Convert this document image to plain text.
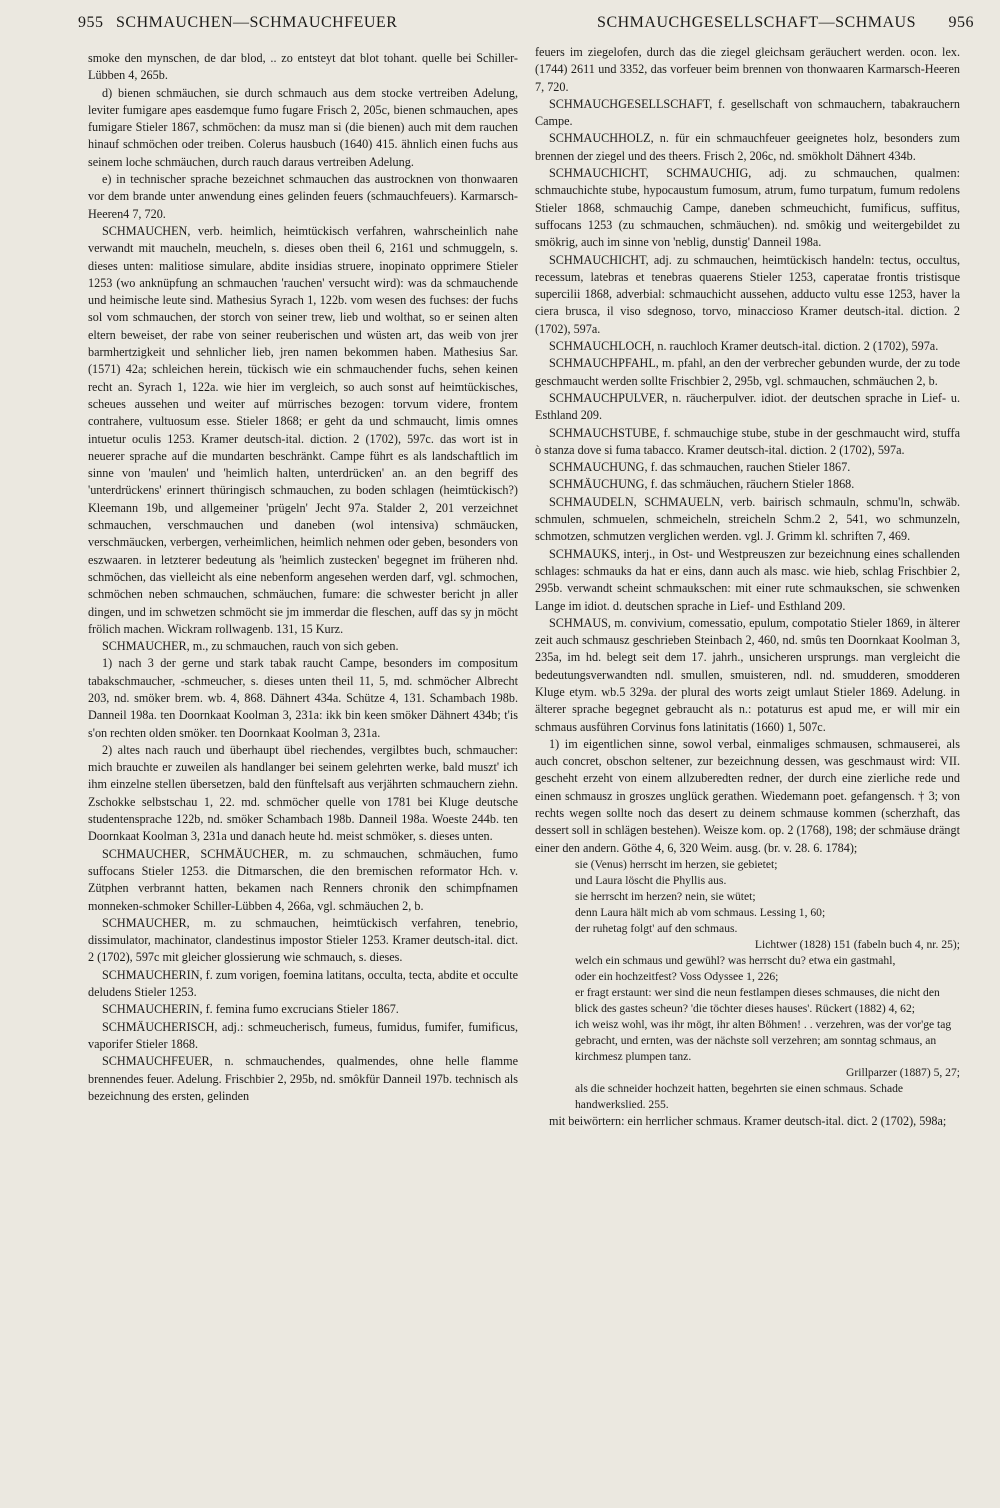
955 SCHMAUCHEN—SCHMAUCHFEUER	SCHMAUCHGESELLSCHAFT—SCHMAUS 956

smoke den mynschen, de dar blod, .. zo entsteyt dat blot tohant. quelle bei Schiller-Lübben 4, 265b.

d) bienen schmäuchen, sie durch schmauch aus dem stocke vertreiben Adelung, leviter fumigare apes easdemque fumo fugare Frisch 2, 205c, bienen schmauchen, apes fumigare Stieler 1867, schmöchen: da musz man si (die bienen) auch mit dem rauchen hinauf schmöchen oder treiben. Colerus hausbuch (1640) 415. ähnlich einen fuchs aus seinem loche schmäuchen, durch rauch daraus vertreiben Adelung.

e) in technischer sprache bezeichnet schmauchen das austrocknen von thonwaaren vor dem brande unter anwendung eines gelinden feuers (schmauchfeuers). Karmarsch-Heeren4 7, 720.

SCHMAUCHEN, verb. heimlich, heimtückisch verfahren, wahrscheinlich nahe verwandt mit maucheln, meucheln, s. dieses oben theil 6, 2161 und schmuggeln, s. dieses unten: malitiose simulare, abdite insidias struere, inopinato opprimere Stieler 1253 (wo anknüpfung an schmauchen 'rauchen' versucht wird): was da schmauchende und heimische leute sind. Mathesius Syrach 1, 122b. vom wesen des fuchses: der fuchs sol vom schmauchen, der storch von seiner trew, lieb und wolthat, so er seinen alten eltern beweiset, der rabe von seiner reuberischen und wüsten art, das weib von jrer barmhertzigkeit und sehnlicher lieb, jren namen bekommen haben. Mathesius Sar. (1571) 42a; schleichen herein, tückisch wie ein schmauchender fuchs, sehen keinen recht an. Syrach 1, 122a. wie hier im vergleich, so auch sonst auf heimtückisches, scheues aussehen und weiter auf mürrisches bezogen: torvum videre, frontem contrahere, vultuosum esse. Stieler 1868; er geht da und schmaucht, limis omnes intuetur oculis 1253. Kramer deutsch-ital. diction. 2 (1702), 597c. das wort ist in neuerer sprache auf die mundarten beschränkt. Campe führt es als landschaftlich im sinne von 'maulen' und 'heimlich halten, unterdrücken' an. an den begriff des 'unterdrückens' erinnert thüringisch schmauchen, zu boden schlagen (heimtückisch?) Kleemann 19b, und allgemeiner 'prügeln' Jecht 97a. Stalder 2, 201 verzeichnet schmauchen, verschmauchen und daneben (wol intensiva) schmäucken, verschmäucken, verbergen, verheimlichen, heimlich nehmen oder geben, besonders von eszwaaren. in letzterer bedeutung als 'heimlich zustecken' begegnet im früheren nhd. schmöchen, das vielleicht als eine nebenform angesehen werden darf, vgl. schmochen, schmöchen neben schmauchen, schmäuchen, fumare: die schwester bericht jn aller dingen, und im schwetzen schmöcht sie jm immerdar die fleschen, auff das sy jn möcht frölich machen. Wickram rollwagenb. 131, 15 Kurz.

SCHMAUCHER, m., zu schmauchen, rauch von sich geben.

1) nach 3 der gerne und stark tabak raucht Campe, besonders im compositum tabakschmaucher, -schmeucher, s. dieses unten theil 11, 5, md. schmöcher Albrecht 203, nd. smöker brem. wb. 4, 868. Dähnert 434a. Schütze 4, 131. Schambach 198b. Danneil 198a. ten Doornkaat Koolman 3, 231a: ikk bin keen smöker Dähnert 434b; t'is s'on rechten olden smöker. ten Doornkaat Koolman 3, 231a.

2) altes nach rauch und überhaupt übel riechendes, vergilbtes buch, schmaucher: mich brauchte er zuweilen als handlanger bei seinem gelehrten werke, bald muszt' ich ihm einzelne stellen übersetzen, bald den fünftelsaft aus verjährten schmauchern ziehn. Zschokke selbstschau 1, 22. md. schmöcher quelle von 1781 bei Kluge deutsche studentensprache 122b, nd. smöker Schambach 198b. Danneil 198a. Woeste 244b. ten Doornkaat Koolman 3, 231a und danach heute hd. meist schmöker, s. dieses unten.

SCHMAUCHER, SCHMÄUCHER, m. zu schmauchen, schmäuchen, fumo suffocans Stieler 1253. die Ditmarschen, die den bremischen reformator Hch. v. Zütphen verbrannt hatten, bekamen nach Renners chronik den schimpfnamen monneken-schmoker Schiller-Lübben 4, 266a, vgl. schmäuchen 2, b.

SCHMAUCHER, m. zu schmauchen, heimtückisch verfahren, tenebrio, dissimulator, machinator, clandestinus impostor Stieler 1253. Kramer deutsch-ital. dict. 2 (1702), 597c mit gleicher glossierung wie schmauch, s. dieses.

SCHMAUCHERIN, f. zum vorigen, foemina latitans, occulta, tecta, abdite et occulte deludens Stieler 1253.

SCHMAUCHERIN, f. femina fumo excrucians Stieler 1867.

SCHMÄUCHERISCH, adj.: schmeucherisch, fumeus, fumidus, fumifer, fumificus, vaporifer Stieler 1868.

SCHMAUCHFEUER, n. schmauchendes, qualmendes, ohne helle flamme brennendes feuer. Adelung. Frischbier 2, 295b, nd. smôkfür Danneil 197b. technisch als bezeichnung des ersten, gelinden

feuers im ziegelofen, durch das die ziegel gleichsam geräuchert werden. ocon. lex. (1744) 2611 und 3352, das vorfeuer beim brennen von thonwaaren Karmarsch-Heeren 7, 720.

SCHMAUCHGESELLSCHAFT, f. gesellschaft von schmauchern, tabakrauchern Campe.

SCHMAUCHHOLZ, n. für ein schmauchfeuer geeignetes holz, besonders zum brennen der ziegel und des theers. Frisch 2, 206c, nd. smökholt Dähnert 434b.

SCHMAUCHICHT, SCHMAUCHIG, adj. zu schmauchen, qualmen: schmauchichte stube, hypocaustum fumosum, atrum, fumo turpatum, fumum redolens Stieler 1868, schmauchig Campe, daneben schmeuchicht, fumificus, suffitus, suffocans 1253 (zu schmauchen, schmäuchen). nd. smôkig und weitergebildet zu smökrig, auch im sinne von 'neblig, dunstig' Danneil 198a.

SCHMAUCHICHT, adj. zu schmauchen, heimtückisch handeln: tectus, occultus, recessum, latebras et tenebras quaerens Stieler 1253, caperatae frontis tristisque supercilii 1868, adverbial: schmauchicht aussehen, adducto vultu esse 1253, haver la ciera brusca, il viso sdegnoso, torvo, minaccioso Kramer deutsch-ital. diction. 2 (1702), 597a.

SCHMAUCHLOCH, n. rauchloch Kramer deutsch-ital. diction. 2 (1702), 597a.

SCHMAUCHPFAHL, m. pfahl, an den der verbrecher gebunden wurde, der zu tode geschmaucht werden sollte Frischbier 2, 295b, vgl. schmauchen, schmäuchen 2, b.

SCHMAUCHPULVER, n. räucherpulver. idiot. der deutschen sprache in Lief- u. Esthland 209.

SCHMAUCHSTUBE, f. schmauchige stube, stube in der geschmaucht wird, stuffa ò stanza dove si fuma tabacco. Kramer deutsch-ital. diction. 2 (1702), 597a.

SCHMAUCHUNG, f. das schmauchen, rauchen Stieler 1867.

SCHMÄUCHUNG, f. das schmäuchen, räuchern Stieler 1868.

SCHMAUDELN, SCHMAUELN, verb. bairisch schmauln, schmu'ln, schwäb. schmulen, schmuelen, schmeicheln, streicheln Schm.2 2, 541, wo schmunzeln, schmotzen, schmutzen verglichen werden. vgl. J. Grimm kl. schriften 7, 469.

SCHMAUKS, interj., in Ost- und Westpreuszen zur bezeichnung eines schallenden schlages: schmauks da hat er eins, dann auch als masc. wie hieb, schlag Frischbier 2, 295b. verwandt scheint schmaukschen: mit einer rute schmaukschen, sie schwenken Lange im idiot. d. deutschen sprache in Lief- und Esthland 209.

SCHMAUS, m. convivium, comessatio, epulum, compotatio Stieler 1869, in älterer zeit auch schmausz geschrieben Steinbach 2, 460, nd. smûs ten Doornkaat Koolman 3, 235a, im hd. belegt seit dem 17. jahrh., unsicheren ursprungs. man vergleicht die bedeutungsverwandten ndl. smullen, smuisteren, ndl. nd. smudderen, smodderen Kluge etym. wb.5 329a. der plural des worts zeigt umlaut Stieler 1869. Adelung. in älterer sprache begegnet gebraucht als n.: potaturus est apud me, er will mir ein schmaus ausführen Corvinus fons latinitatis (1660) 1, 507c.

1) im eigentlichen sinne, sowol verbal, einmaliges schmausen, schmauserei, als auch concret, obschon seltener, zur bezeichnung dessen, was geschmaust wird: VII. gescheht erzeht von einem allzuberedten redner, der durch eine zierliche rede und einen schmausz in groszes unglück gerathen. Wiedemann poet. gefangensch. † 3; von rechts wegen sollte noch das desert zu deinem schmause kommen (scherzhaft, das dessert soll in schlägen bestehen). Weisze kom. op. 2 (1768), 198; der schmäuse drängt einer den andern. Göthe 4, 6, 320 Weim. ausg. (br. v. 28. 6. 1784);

sie (Venus) herrscht im herzen, sie gebietet;

und Laura löscht die Phyllis aus.

sie herrscht im herzen? nein, sie wütet;

denn Laura hält mich ab vom schmaus. Lessing 1, 60;

der ruhetag folgt' auf den schmaus.

Lichtwer (1828) 151 (fabeln buch 4, nr. 25);

welch ein schmaus und gewühl? was herrscht du? etwa ein gastmahl,

oder ein hochzeitfest? Voss Odyssee 1, 226;

er fragt erstaunt: wer sind die neun festlampen dieses schmauses, die nicht den blick des gastes scheun? 'die töchter dieses hauses'. Rückert (1882) 4, 62;

ich weisz wohl, was ihr mögt, ihr alten Böhmen! . . verzehren, was der vor'ge tag gebracht, und ernten, was der nächste soll verzehren; am sonntag schmaus, an kirchmesz plumpen tanz.

Grillparzer (1887) 5, 27;

als die schneider hochzeit hatten, begehrten sie einen schmaus. Schade handwerkslied. 255.

mit beiwörtern: ein herrlicher schmaus. Kramer deutsch-ital. dict. 2 (1702), 598a;
